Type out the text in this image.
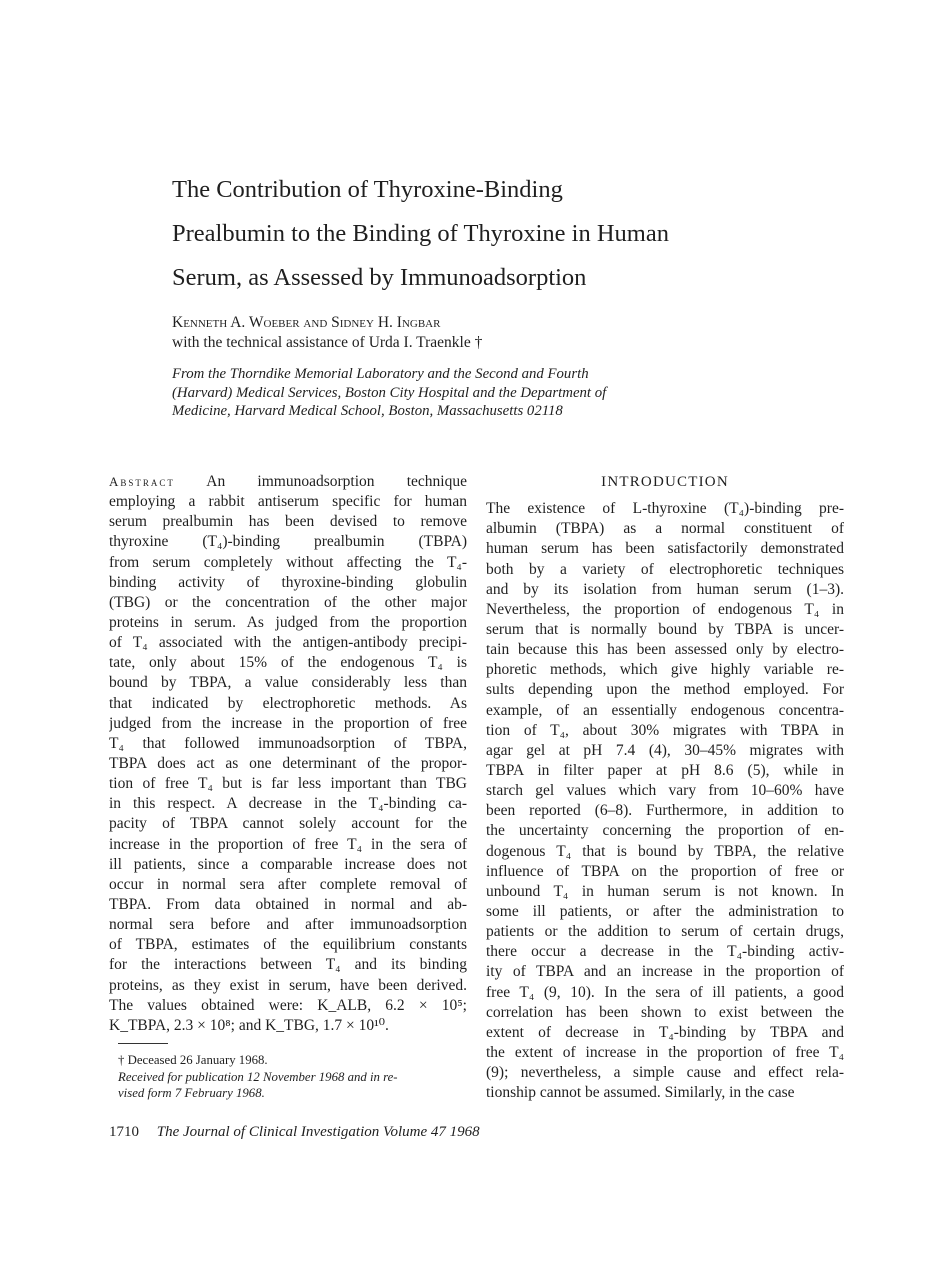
The Contribution of Thyroxine-Binding
Prealbumin to the Binding of Thyroxine in Human
Serum, as Assessed by Immunoadsorption
Kenneth A. Woeber and Sidney H. Ingbar
with the technical assistance of Urda I. Traenkle †
From the Thorndike Memorial Laboratory and the Second and Fourth
(Harvard) Medical Services, Boston City Hospital and the Department of
Medicine, Harvard Medical School, Boston, Massachusetts 02118
Abstract An immunoadsorption technique
employing a rabbit antiserum specific for human
serum prealbumin has been devised to remove
thyroxine (T₄)-binding prealbumin (TBPA)
from serum completely without affecting the T₄-
binding activity of thyroxine-binding globulin
(TBG) or the concentration of the other major
proteins in serum. As judged from the proportion
of T₄ associated with the antigen-antibody precipi-
tate, only about 15% of the endogenous T₄ is
bound by TBPA, a value considerably less than
that indicated by electrophoretic methods. As
judged from the increase in the proportion of free
T₄ that followed immunoadsorption of TBPA,
TBPA does act as one determinant of the propor-
tion of free T₄ but is far less important than TBG
in this respect. A decrease in the T₄-binding ca-
pacity of TBPA cannot solely account for the
increase in the proportion of free T₄ in the sera of
ill patients, since a comparable increase does not
occur in normal sera after complete removal of
TBPA. From data obtained in normal and ab-
normal sera before and after immunoadsorption
of TBPA, estimates of the equilibrium constants
for the interactions between T₄ and its binding
proteins, as they exist in serum, have been derived.
The values obtained were: K_ALB, 6.2 × 10⁵;
K_TBPA, 2.3 × 10⁸; and K_TBG, 1.7 × 10¹⁰.
† Deceased 26 January 1968.
Received for publication 12 November 1968 and in re-
vised form 7 February 1968.
INTRODUCTION
The existence of L-thyroxine (T₄)-binding pre-
albumin (TBPA) as a normal constituent of
human serum has been satisfactorily demonstrated
both by a variety of electrophoretic techniques
and by its isolation from human serum (1–3).
Nevertheless, the proportion of endogenous T₄ in
serum that is normally bound by TBPA is uncer-
tain because this has been assessed only by electro-
phoretic methods, which give highly variable re-
sults depending upon the method employed. For
example, of an essentially endogenous concentra-
tion of T₄, about 30% migrates with TBPA in
agar gel at pH 7.4 (4), 30–45% migrates with
TBPA in filter paper at pH 8.6 (5), while in
starch gel values which vary from 10–60% have
been reported (6–8). Furthermore, in addition to
the uncertainty concerning the proportion of en-
dogenous T₄ that is bound by TBPA, the relative
influence of TBPA on the proportion of free or
unbound T₄ in human serum is not known. In
some ill patients, or after the administration to
patients or the addition to serum of certain drugs,
there occur a decrease in the T₄-binding activ-
ity of TBPA and an increase in the proportion of
free T₄ (9, 10). In the sera of ill patients, a good
correlation has been shown to exist between the
extent of decrease in T₄-binding by TBPA and
the extent of increase in the proportion of free T₄
(9); nevertheless, a simple cause and effect rela-
tionship cannot be assumed. Similarly, in the case
1710 The Journal of Clinical Investigation Volume 47 1968
